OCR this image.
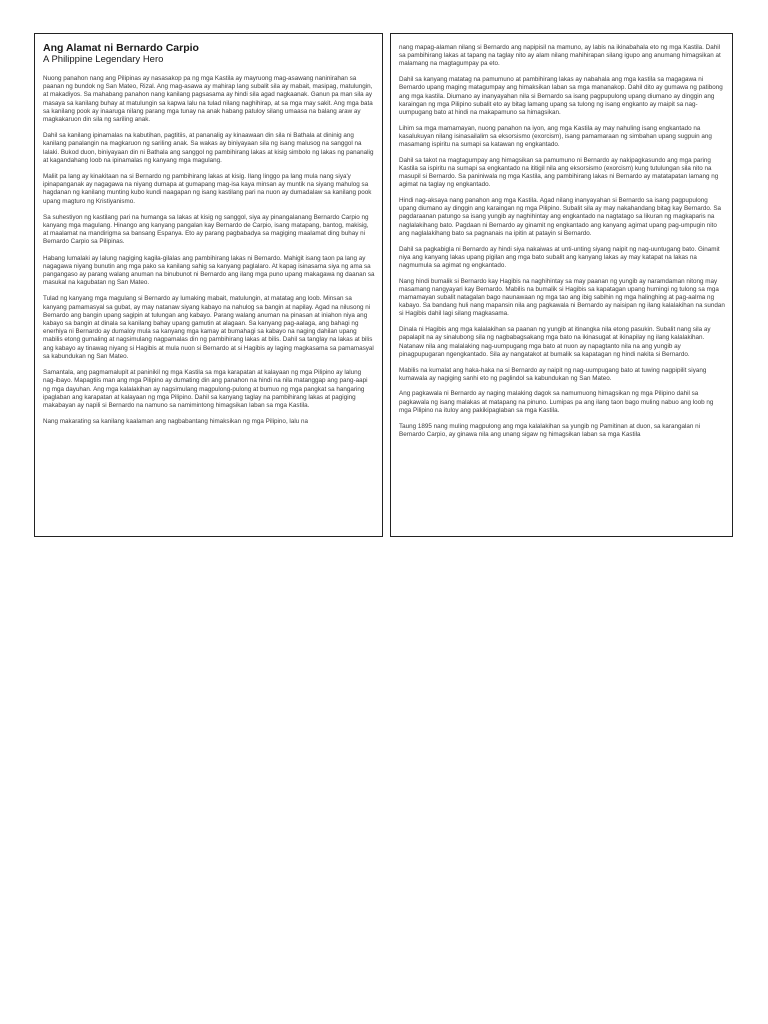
Ang Alamat ni Bernardo Carpio
A Philippine Legendary Hero

Nuong panahon nang ang Pilipinas ay nasasakop pa ng mga Kastila ay mayruong mag-asawang naninirahan sa paanan ng bundok ng San Mateo, Rizal. Ang mag-asawa ay mahirap lang subalit sila ay mabait, masipag, matulungin, at makadiyos. Sa mahabang panahon nang kanilang pagsasama ay hindi sila agad nagkaanak. Ganun pa man sila ay masaya sa kanilang buhay at matulungin sa kapwa lalu na tulad nilang naghihirap, at sa mga may sakit. Ang mga bata sa kanilang pook ay inaaruga nilang parang mga tunay na anak habang patuloy silang umaasa na balang araw ay magkakaruon din sila ng sariling anak.

Dahil sa kanilang ipinamalas na kabutihan, pagtitiis, at pananalig ay kinaawaan din sila ni Bathala at dininig ang kanilang panalangin na magkaruon ng sariling anak. Sa wakas ay biniyayaan sila ng isang malusog na sanggol na lalaki. Bukod duon, biniyayaan din ni Bathala ang sanggol ng pambihirang lakas at kisig simbolo ng lakas ng pananalig at kagandahang loob na ipinamalas ng kanyang mga magulang.

Maliit pa lang ay kinakitaan na si Bernardo ng pambihirang lakas at kisig. Ilang linggo pa lang mula nang siya'y ipinapanganak ay nagagawa na niyang dumapa at gumapang mag-isa kaya minsan ay muntik na siyang mahulog sa hagdanan ng kanilang munting kubo kundi naagapan ng isang kastilang pari na nuon ay dumadalaw sa kanilang pook upang magturo ng Kristiyanismo.

Sa suhestiyon ng kastilang pari na humanga sa lakas at kisig ng sanggol, siya ay pinangalanang Bernardo Carpio ng kanyang mga magulang. Hinango ang kanyang pangalan kay Bernardo de Carpio, isang matapang, bantog, makisig, at maalamat na mandirigma sa bansang Espanya. Eto ay parang pagbabadya sa magiging maalamat ding buhay ni Bernardo Carpio sa Pilipinas.

Habang lumalaki ay lalung nagiging kagila-gilalas ang pambihirang lakas ni Bernardo. Mahigit isang taon pa lang ay nagagawa niyang bunutin ang mga pako sa kanilang sahig sa kanyang paglalaro. At kapag isinasama siya ng ama sa pangangaso ay parang walang anuman na binubunot ni Bernardo ang ilang mga puno upang makagawa ng daanan sa masukal na kagubatan ng San Mateo.

Tulad ng kanyang mga magulang si Bernardo ay lumaking mabait, matulungin, at matatag ang loob. Minsan sa kanyang pamamasyal sa gubat, ay may natanaw siyang kabayo na nahulog sa bangin at napilay. Agad na nilusong ni Bernardo ang bangin upang sagipin at tulungan ang kabayo. Parang walang anuman na pinasan at iniahon niya ang kabayo sa bangin at dinala sa kanilang bahay upang gamutin at alagaan. Sa kanyang pag-aalaga, ang bahagi ng enerhiya ni Bernardo ay dumaloy mula sa kanyang mga kamay at bumahagi sa kabayo na naging dahilan upang mabilis etong gumaling at nagsimulang nagpamalas din ng pambihirang lakas at bilis. Dahil sa tanglay na lakas at bilis ang kabayo ay tinawag niyang si Hagibis at mula nuon si Bernardo at si Hagibis ay laging magkasama sa pamamasyal sa kabundukan ng San Mateo.

Samantala, ang pagmamalupit at paninikil ng mga Kastila sa mga karapatan at kalayaan ng mga Pilipino ay lalung nag-ibayo. Mapagtiis man ang mga Pilipino ay dumating din ang panahon na hindi na nila matanggap ang pang-aapi ng mga dayuhan. Ang mga kalalakihan ay nagsimulang magpulong-pulong at bumuo ng mga pangkat sa hangaring ipaglaban ang karapatan at kalayaan ng mga Pilipino. Dahil sa kanyang taglay na pambihirang lakas at pagiging makabayan ay napili si Bernardo na namuno sa namimintong himagsikan laban sa mga Kastila.

Nang makarating sa kanilang kaalaman ang nagbabantang himaksikan ng mga Pilipino, lalu na

nang mapag-alaman nilang si Bernardo ang napipisil na mamuno, ay labis na ikinabahala eto ng mga Kastila. Dahil sa pambihirang lakas at tapang na taglay nito ay alam nilang mahihirapan silang igupo ang anumang himagsikan at malamang na magtagumpay pa eto.

Dahil sa kanyang matatag na pamumuno at pambihirang lakas ay nabahala ang mga kastila sa magagawa ni Bernardo upang maging matagumpay ang himaksikan laban sa mga mananakop. Dahil dito ay gumawa ng patibong ang mga kastila. Diumano ay inanyayahan nila si Bernardo sa isang pagpupulong upang diumano ay dinggin ang karaingan ng mga Pilipino subalit eto ay bitag lamang upang sa tulong ng isang engkanto ay maipit sa nag-uumpugang bato at hindi na makapamuno sa himagsikan.

Lihim sa mga mamamayan, nuong panahon na iyon, ang mga Kastila ay may nahuling isang engkantado na kasalukuyan nilang isinasailalim sa eksorsismo (exorcism), isang pamamaraan ng simbahan upang sugpuin ang masamang ispiritu na sumapi sa katawan ng engkantado.

Dahil sa takot na magtagumpay ang himagsikan sa pamumuno ni Bernardo ay nakipagkasundo ang mga paring Kastila sa ispiritu na sumapi sa engkantado na ititigil nila ang eksorsismo (exorcism) kung tutulungan sila nito na masupil si Bernardo. Sa paniniwala ng mga Kastila, ang pambihirang lakas ni Bernardo ay matatapatan lamang ng agimat na taglay ng engkantado.

Hindi nag-aksaya nang panahon ang mga Kastila. Agad nilang inanyayahan si Bernardo sa isang pagpupulong upang diumano ay dinggin ang karaingan ng mga Pilipino. Subalit sila ay may nakahandang bitag kay Bernardo. Sa pagdaraanan patungo sa isang yungib ay naghihintay ang engkantado na nagtatago sa likuran ng magkaparis na naglalakihang bato. Pagdaan ni Bernardo ay ginamit ng engkantado ang kanyang agimat upang pag-umpugin nito ang naglalakihang bato sa pagnanais na ipitin at patayin si Bernardo.

Dahil sa pagkabigla ni Bernardo ay hindi siya nakaiwas at unti-unting siyang naipit ng nag-uuntugang bato. Ginamit niya ang kanyang lakas upang pigilan ang mga bato subalit ang kanyang lakas ay may katapat na lakas na nagmumula sa agimat ng engkantado.

Nang hindi bumalik si Bernardo kay Hagibis na naghihintay sa may paanan ng yungib ay naramdaman nitong may masamang nangyayari kay Bernardo. Mabilis na bumalik si Hagibis sa kapatagan upang humingi ng tulong sa mga mamamayan subalit natagalan bago naunawaan ng mga tao ang ibig sabihin ng mga halinghing at pag-aalma ng kabayo. Sa bandang huli nang mapansin nila ang pagkawala ni Bernardo ay naisipan ng ilang kalalakihan na sundan si Hagibis dahil lagi silang magkasama.

Dinala ni Hagibis ang mga kalalakihan sa paanan ng yungib at itinangka nila etong pasukin. Subalit nang sila ay papalapit na ay sinalubong sila ng nagbabagsakang mga bato na ikinasugat at ikinapilay ng ilang kalalakihan. Natanaw nila ang malalaking nag-uumpugang mga bato at nuon ay napagtanto nila na ang yungib ay pinagpupugaran ngengkantado. Sila ay nangatakot at bumalik sa kapatagan ng hindi nakita si Bernardo.

Mabilis na kumalat ang haka-haka na si Bernardo ay naipit ng nag-uumpugang bato at tuwing nagpipilit siyang kumawala ay nagiging sanhi eto ng paglindol sa kabundukan ng San Mateo.

Ang pagkawala ni Bernardo ay naging malaking dagok sa namumuong himagsikan ng mga Pilipino dahil sa pagkawala ng isang malakas at matapang na pinuno. Lumipas pa ang ilang taon bago muling nabuo ang loob ng mga Pilipino na ituloy ang pakikipaglaban sa mga Kastila.

Taung 1895 nang muling magpulong ang mga kalalakihan sa yungib ng Pamitinan at duon, sa karangalan ni Bernardo Carpio, ay ginawa nila ang unang sigaw ng himagsikan laban sa mga Kastila
